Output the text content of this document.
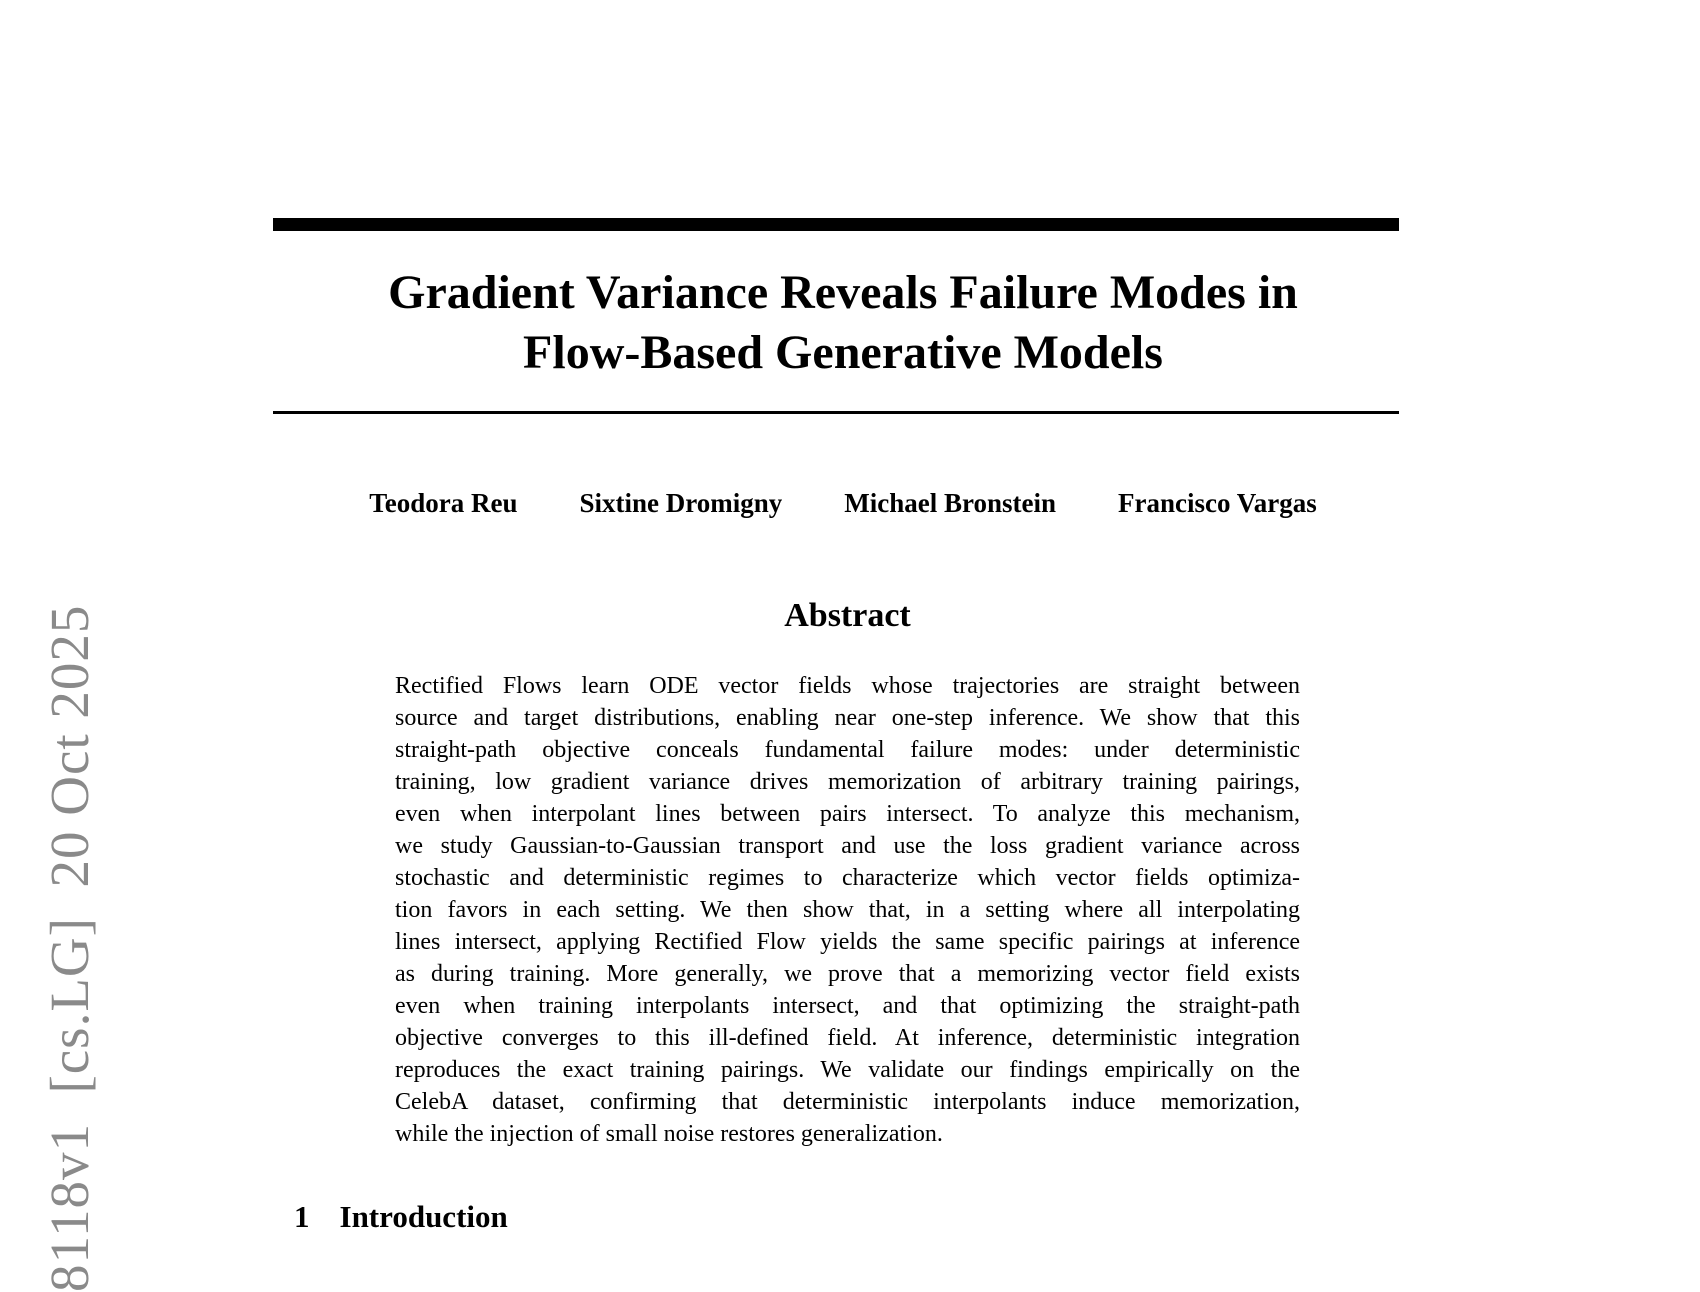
8118v1  [cs.LG]  20 Oct 2025
Gradient Variance Reveals Failure Modes in
Flow-Based Generative Models
Teodora Reu Sixtine Dromigny Michael Bronstein Francisco Vargas
Abstract
Rectified Flows learn ODE vector fields whose trajectories are straight between
source and target distributions, enabling near one-step inference. We show that this
straight-path objective conceals fundamental failure modes: under deterministic
training, low gradient variance drives memorization of arbitrary training pairings,
even when interpolant lines between pairs intersect. To analyze this mechanism,
we study Gaussian-to-Gaussian transport and use the loss gradient variance across
stochastic and deterministic regimes to characterize which vector fields optimiza-
tion favors in each setting. We then show that, in a setting where all interpolating
lines intersect, applying Rectified Flow yields the same specific pairings at inference
as during training. More generally, we prove that a memorizing vector field exists
even when training interpolants intersect, and that optimizing the straight-path
objective converges to this ill-defined field. At inference, deterministic integration
reproduces the exact training pairings. We validate our findings empirically on the
CelebA dataset, confirming that deterministic interpolants induce memorization,
while the injection of small noise restores generalization.
1 Introduction
